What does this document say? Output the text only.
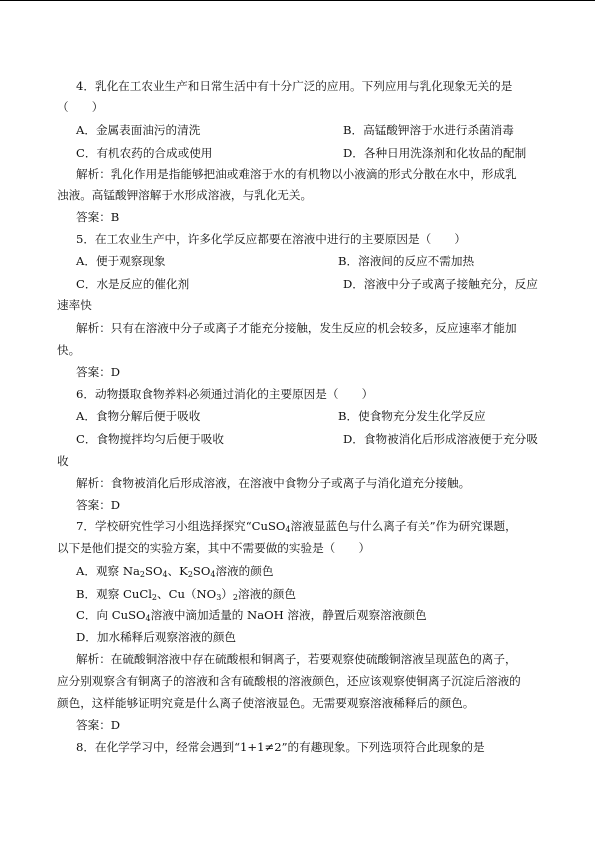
4．乳化在工农业生产和日常生活中有十分广泛的应用。下列应用与乳化现象无关的是
（　　）
A．金属表面油污的清洗	B．高锰酸钾溶于水进行杀菌消毒
C．有机农药的合成或使用	D．各种日用洗涤剂和化妆品的配制
解析：乳化作用是指能够把油或难溶于水的有机物以小液滴的形式分散在水中，形成乳
浊液。高锰酸钾溶解于水形成溶液，与乳化无关。
答案：B
5．在工农业生产中，许多化学反应都要在溶液中进行的主要原因是（　　）
A．便于观察现象	B．溶液间的反应不需加热
C．水是反应的催化剂	D．溶液中分子或离子接触充分，反应
速率快
解析：只有在溶液中分子或离子才能充分接触，发生反应的机会较多，反应速率才能加
快。
答案：D
6．动物摄取食物养料必须通过消化的主要原因是（　　）
A．食物分解后便于吸收	B．使食物充分发生化学反应
C．食物搅拌均匀后便于吸收	D．食物被消化后形成溶液便于充分吸
收
解析：食物被消化后形成溶液，在溶液中食物分子或离子与消化道充分接触。
答案：D
7．学校研究性学习小组选择探究“CuSO$_4$溶液显蓝色与什么离子有关”作为研究课题，
以下是他们提交的实验方案，其中不需要做的实验是（　　）
A．观察 $Na_2SO_4$、$K_2SO_4$溶液的颜色
B．观察 CuCl$_2$、$Cu(NO_3)_2$溶液的颜色
C．向 CuSO$_4$溶液中滴加适量的 NaOH 溶液，静置后观察溶液颜色
D．加水稀释后观察溶液的颜色
解析：在硫酸铜溶液中存在硫酸根和铜离子，若要观察使硫酸铜溶液呈现蓝色的离子，
应分别观察含有铜离子的溶液和含有硫酸根的溶液颜色，还应该观察使铜离子沉淀后溶液的
颜色，这样能够证明究竟是什么离子使溶液显色。无需要观察溶液稀释后的颜色。
答案：D
8．在化学学习中，经常会遇到“1+1≠2”的有趣现象。下列选项符合此现象的是
